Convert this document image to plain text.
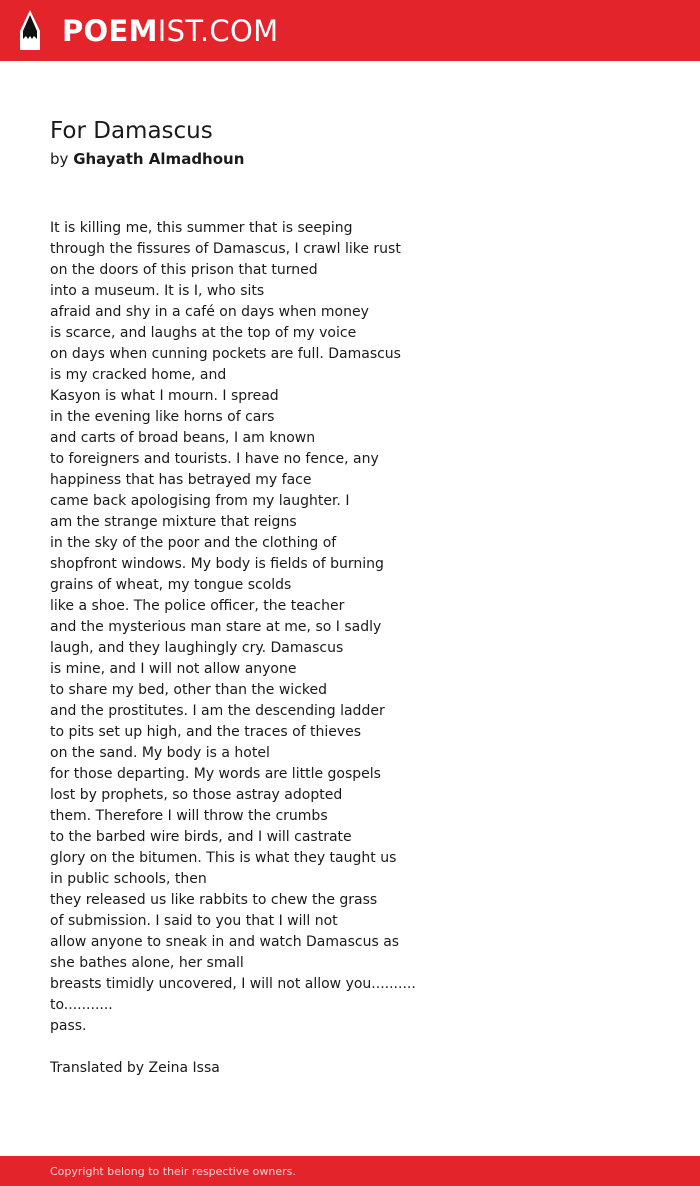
POEMIST.COM
For Damascus
by Ghayath Almadhoun
It is killing me, this summer that is seeping
through the fissures of Damascus, I crawl like rust
on the doors of this prison that turned
into a museum. It is I, who sits
afraid and shy in a café on days when money
is scarce, and laughs at the top of my voice
on days when cunning pockets are full. Damascus
is my cracked home, and
Kasyon is what I mourn. I spread
in the evening like horns of cars
and carts of broad beans, I am known
to foreigners and tourists. I have no fence, any
happiness that has betrayed my face
came back apologising from my laughter. I
am the strange mixture that reigns
in the sky of the poor and the clothing of
shopfront windows. My body is fields of burning
grains of wheat, my tongue scolds
like a shoe. The police officer, the teacher
and the mysterious man stare at me, so I sadly
laugh, and they laughingly cry. Damascus
is mine, and I will not allow anyone
to share my bed, other than the wicked
and the prostitutes. I am the descending ladder
to pits set up high, and the traces of thieves
on the sand. My body is a hotel
for those departing. My words are little gospels
lost by prophets, so those astray adopted
them. Therefore I will throw the crumbs
to the barbed wire birds, and I will castrate
glory on the bitumen. This is what they taught us
in public schools, then
they released us like rabbits to chew the grass
of submission. I said to you that I will not
allow anyone to sneak in and watch Damascus as
she bathes alone, her small
breasts timidly uncovered, I will not allow you..........
to...........
pass.
Translated by Zeina Issa
Copyright belong to their respective owners.
